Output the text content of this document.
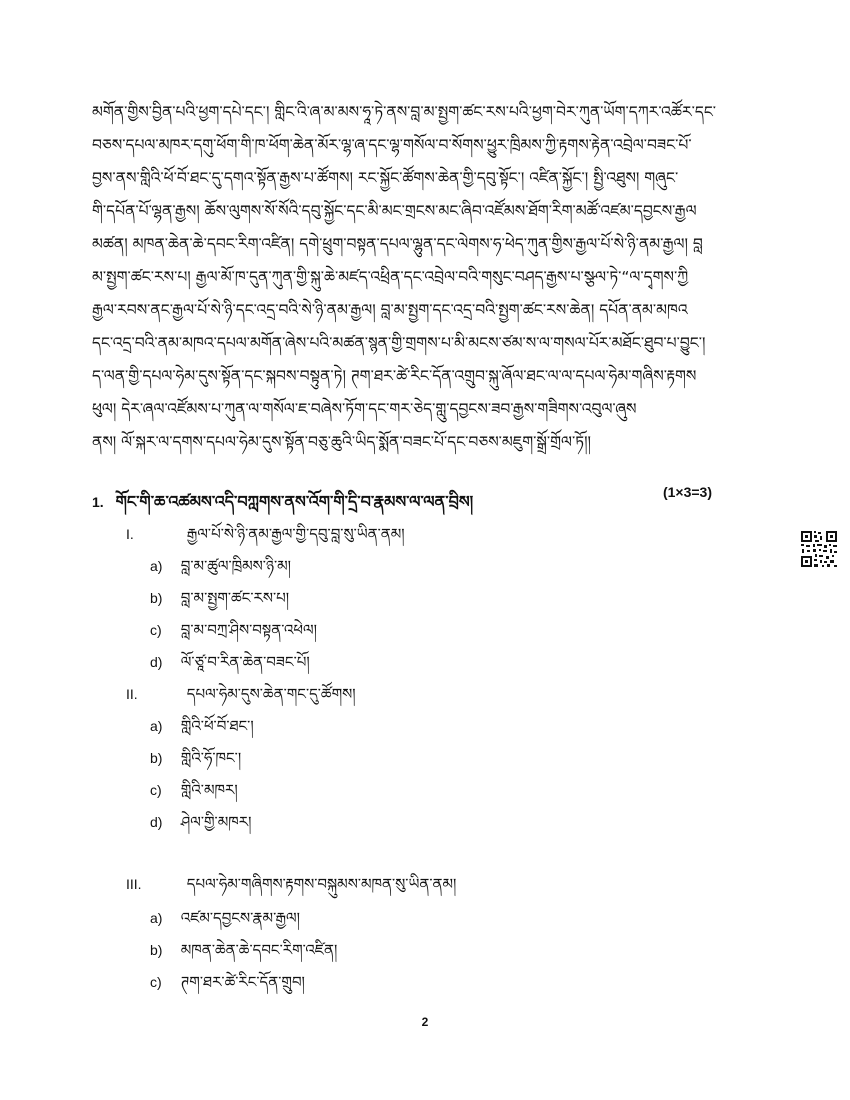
མགོན་གྱིས་བྱིན་པའི་ཕྱག་དཔེ་དང་། གླིང་འི་ཞ་མ་མས་ཧཱ་ཏེ་ནས་བླ་མ་སྤྱག་ཚང་རས་པའི་ཕྱག་བེར་ཀུན་ཡོག་དཀར་འཚོར་དང་

བཅས་དཔལ་མཁར་དགུ་ཕོག་གི་ཁ་ཕོག་ཆེན་མོར་ལྷ་ཞ་དང་ལྷ་གསོལ་བ་སོགས་ཕྱུར་ཁྲིམས་ཀྱི་རྟགས་རྟེན་འབྲེལ་བཟང་པོ་

བྱས་ནས་གླིའི་ཕོ་བོ་ཐང་དུ་དགའ་སྟོན་རྒྱས་པ་ཚོགས། རང་སྐྱོང་ཚོགས་ཆེན་གྱི་དབུ་སྟོང་། འཛིན་སྐྱོང་། སྤྱི་འཐུས། གཞུང་

གི་དཔོན་པོ་ལྷན་རྒྱས། ཆོས་ལུགས་སོ་སོའི་དབུ་སྐྱོང་དང་མི་མང་གྲངས་མང་ཞིབ་འཛོམས་ཐོག་རིག་མཚོ་འཛམ་དབྱངས་རྒྱལ

མཚན། མཁན་ཆེན་ཆེ་དབང་རིག་འཛིན། དགེ་ཕྲུག་བསྟན་དཔལ་ལྷུན་དང་ལེགས་ཧ་ཕེད་ཀུན་གྱིས་རྒྱལ་པོ་སེ་ཉི་ནམ་རྒྱལ། བླ

མ་སྤྱག་ཚང་རས་པ། རྒྱལ་མོ་ཁ་དུན་ཀུན་གྱི་སྐུ་ཆེ་མཛད་འཕྲིན་དང་འབྲེལ་བའི་གསུང་བཤད་རྒྱས་པ་སྩལ་ཏེ་“ལ་དྭགས་ཀྱི

རྒྱལ་རབས་ནང་རྒྱལ་པོ་སེ་ཉི་དང་འདྲ་བའི་སེ་ཉི་ནམ་རྒྱལ། བླ་མ་སྤྱག་དང་འདྲ་བའི་སྤྱག་ཚང་རས་ཆེན། དཔོན་ནམ་མཁའ

དང་འདྲ་བའི་ནམ་མཁའ་དཔལ་མགོན་ཞེས་པའི་མཚན་སྙན་གྱི་གྲགས་པ་མི་མངས་ཙམ་ས་ལ་གསལ་པོར་མཐོང་ཐུབ་པ་བྱུང་།

ད་ལན་གྱི་དཔལ་ཧེམ་དུས་སྟོན་དང་སྐབས་བསྟུན་ཏེ། ཊག་ཐར་ཚེ་རིང་དོན་འགྲུབ་སྐུ་ཞོལ་ཐང་ལ་ལ་དཔལ་ཧེམ་གཞིས་རྟགས

ཕུལ། དེར་ཞལ་འཛོམས་པ་ཀུན་ལ་གསོལ་ཇ་བཞེས་ཏོག་དང་གར་ཅེད་གླུ་དབྱངས་ཟབ་རྒྱས་གཟིགས་འབུལ་ཞུས

ནས། ལོ་སྐར་ལ་དགས་དཔལ་ཧེམ་དུས་སྟོན་བཅུ་ཆུའི་ཡིད་སྨོན་བཟང་པོ་དང་བཅས་མཇུག་སྒྲོ་གྲོལ་ཏོ།།

1. གོང་གི་ཆ་འཚམས་འདི་བཀླགས་ནས་འོག་གི་དྲི་བ་རྣམས་ལ་ལན་བྲིས།	(1×3=3)
I.	རྒྱལ་པོ་སེ་ཉི་ནམ་རྒྱལ་གྱི་དབུ་བླ་སུ་ཡིན་ནམ།
a) བླ་མ་ཚུལ་ཁྲིམས་ཉི་མ།
b) བླ་མ་སྤྱག་ཚང་རས་པ།
c) བླ་མ་བཀྲ་ཤིས་བསྟན་འཕེལ།
d) ལོ་ཙཱ་བ་རིན་ཆེན་བཟང་པོ།
II.	དཔལ་ཧེམ་དུས་ཆེན་གང་དུ་ཚོགས།
a) གླིའི་ཕོ་བོ་ཐང་།
b) གླིའི་ཧོ་ཁང་།
c) གླིའི་མཁར།
d) ཤེལ་གྱི་མཁར།
III.	དཔལ་ཧེམ་གཞིགས་རྟགས་བསྐུམས་མཁན་སུ་ཡིན་ནམ།
a) འཛམ་དབྱངས་རྣམ་རྒྱལ།
b) མཁན་ཆེན་ཆེ་དབང་རིག་འཛིན།
c) ཊག་ཐར་ཚེ་རིང་དོན་གྲུབ།
2
